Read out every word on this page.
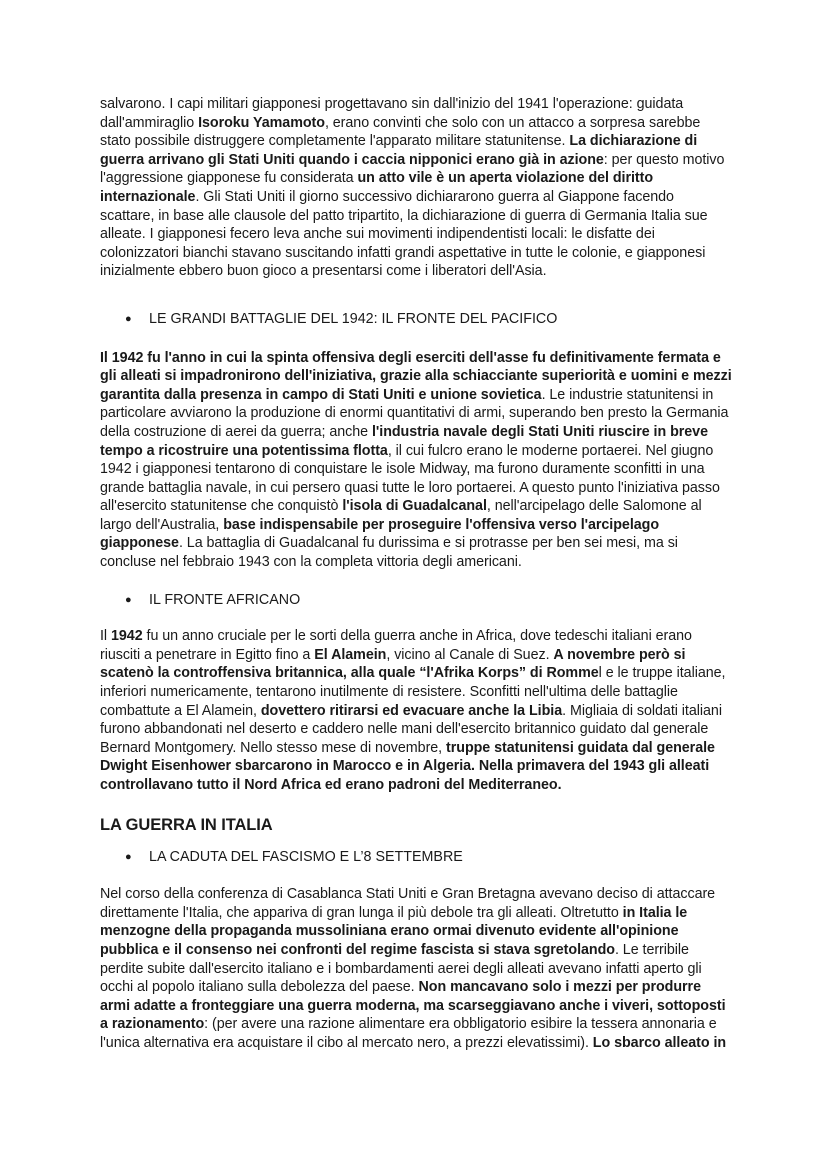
salvarono. I capi militari giapponesi progettavano sin dall'inizio del 1941 l'operazione: guidata dall'ammiraglio Isoroku Yamamoto, erano convinti che solo con un attacco a sorpresa sarebbe stato possibile distruggere completamente l'apparato militare statunitense. La dichiarazione di guerra arrivano gli Stati Uniti quando i caccia nipponici erano già in azione: per questo motivo l'aggressione giapponese fu considerata un atto vile è un aperta violazione del diritto internazionale. Gli Stati Uniti il giorno successivo dichiararono guerra al Giappone facendo scattare, in base alle clausole del patto tripartito, la dichiarazione di guerra di Germania Italia sue alleate. I giapponesi fecero leva anche sui movimenti indipendentisti locali: le disfatte dei colonizzatori bianchi stavano suscitando infatti grandi aspettative in tutte le colonie, e giapponesi inizialmente ebbero buon gioco a presentarsi come i liberatori dell'Asia.

●	LE GRANDI BATTAGLIE DEL 1942: IL FRONTE DEL PACIFICO

Il 1942 fu l'anno in cui la spinta offensiva degli eserciti dell'asse fu definitivamente fermata e gli alleati si impadronirono dell'iniziativa, grazie alla schiacciante superiorità e uomini e mezzi garantita dalla presenza in campo di Stati Uniti e unione sovietica. Le industrie statunitensi in particolare avviarono la produzione di enormi quantitativi di armi, superando ben presto la Germania della costruzione di aerei da guerra; anche l'industria navale degli Stati Uniti riuscire in breve tempo a ricostruire una potentissima flotta, il cui fulcro erano le moderne portaerei. Nel giugno 1942 i giapponesi tentarono di conquistare le isole Midway, ma furono duramente sconfitti in una grande battaglia navale, in cui persero quasi tutte le loro portaerei. A questo punto l'iniziativa passo all'esercito statunitense che conquistò l'isola di Guadalcanal, nell'arcipelago delle Salomone al largo dell'Australia, base indispensabile per proseguire l'offensiva verso l'arcipelago giapponese. La battaglia di Guadalcanal fu durissima e si protrasse per ben sei mesi, ma si concluse nel febbraio 1943 con la completa vittoria degli americani.

●	IL FRONTE AFRICANO

Il 1942 fu un anno cruciale per le sorti della guerra anche in Africa, dove tedeschi italiani erano riusciti a penetrare in Egitto fino a El Alamein, vicino al Canale di Suez. A novembre però si scatenò la controffensiva britannica, alla quale “l'Afrika Korps” di Rommel e le truppe italiane, inferiori numericamente, tentarono inutilmente di resistere. Sconfitti nell'ultima delle battaglie combattute a El Alamein, dovettero ritirarsi ed evacuare anche la Libia. Migliaia di soldati italiani furono abbandonati nel deserto e caddero nelle mani dell'esercito britannico guidato dal generale Bernard Montgomery. Nello stesso mese di novembre, truppe statunitensi guidata dal generale Dwight Eisenhower sbarcarono in Marocco e in Algeria. Nella primavera del 1943 gli alleati controllavano tutto il Nord Africa ed erano padroni del Mediterraneo.

LA GUERRA IN ITALIA
●	LA CADUTA DEL FASCISMO E L’8 SETTEMBRE

Nel corso della conferenza di Casablanca Stati Uniti e Gran Bretagna avevano deciso di attaccare direttamente l'Italia, che appariva di gran lunga il più debole tra gli alleati. Oltretutto in Italia le menzogne della propaganda mussoliniana erano ormai divenuto evidente all'opinione pubblica e il consenso nei confronti del regime fascista si stava sgretolando. Le terribile perdite subite dall'esercito italiano e i bombardamenti aerei degli alleati avevano infatti aperto gli occhi al popolo italiano sulla debolezza del paese. Non mancavano solo i mezzi per produrre armi adatte a fronteggiare una guerra moderna, ma scarseggiavano anche i viveri, sottoposti a razionamento: (per avere una razione alimentare era obbligatorio esibire la tessera annonaria e l'unica alternativa era acquistare il cibo al mercato nero, a prezzi elevatissimi). Lo sbarco alleato in
